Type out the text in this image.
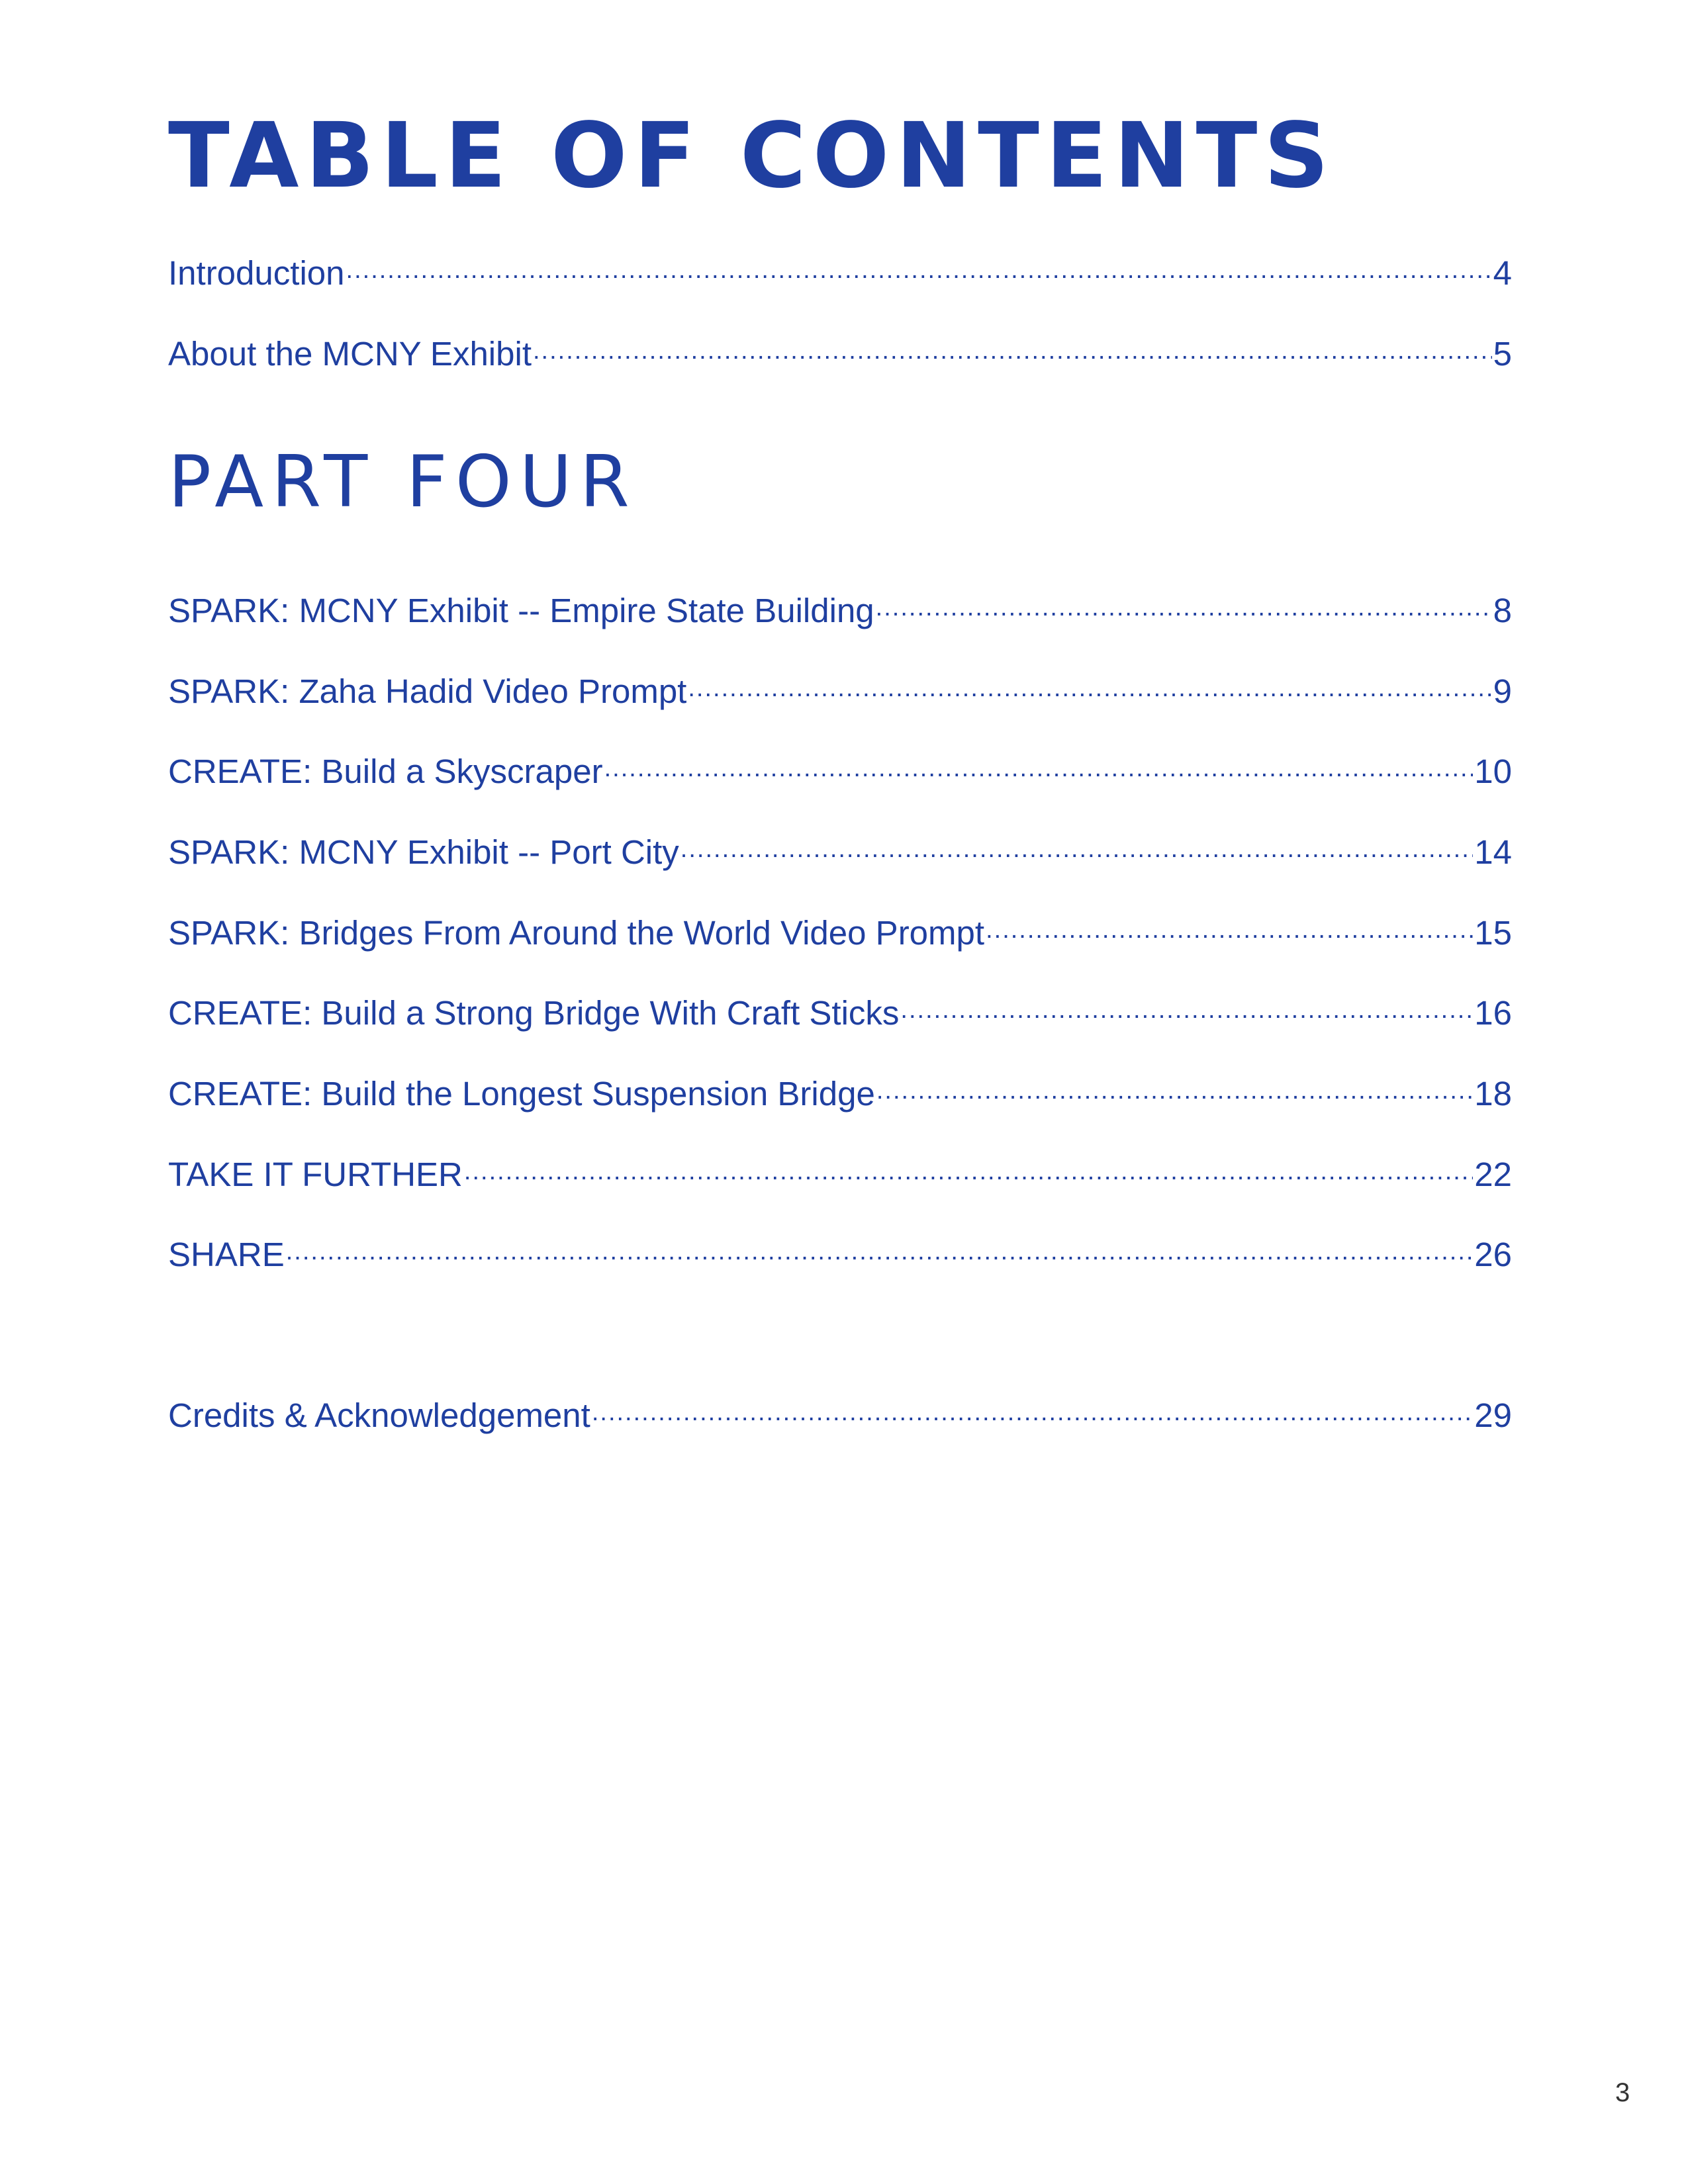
TABLE OF CONTENTS
Introduction .....	4
About the MCNY Exhibit .....	5
PART FOUR
SPARK: MCNY Exhibit -- Empire State Building .....	8
SPARK: Zaha Hadid Video Prompt .....	9
CREATE: Build a Skyscraper .....	10
SPARK: MCNY Exhibit -- Port City .....	14
SPARK: Bridges From Around the World Video Prompt .....	15
CREATE: Build a Strong Bridge With Craft Sticks .....	16
CREATE: Build the Longest Suspension Bridge .....	18
TAKE IT FURTHER .....	22
SHARE .....	26
Credits & Acknowledgement .....	29
3
